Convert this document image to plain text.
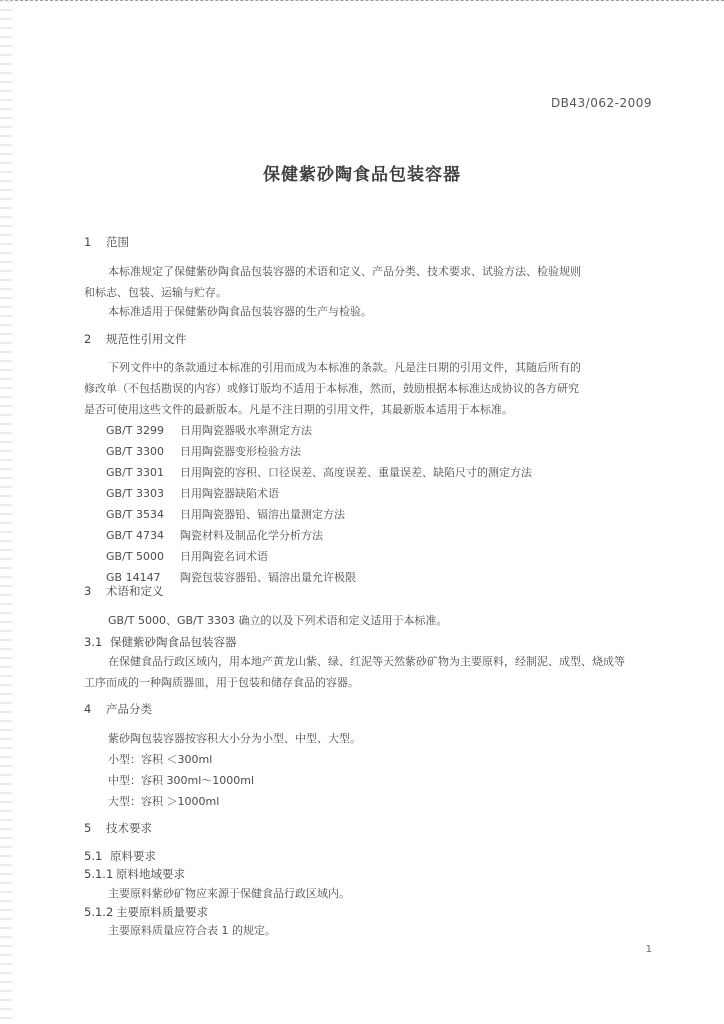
DB43/062-2009
保健紫砂陶食品包装容器
1 范围
本标准规定了保健紫砂陶食品包装容器的术语和定义、产品分类、技术要求、试验方法、检验规则
和标志、包装、运输与贮存。
本标准适用于保健紫砂陶食品包装容器的生产与检验。
2 规范性引用文件
下列文件中的条款通过本标准的引用而成为本标准的条款。凡是注日期的引用文件，其随后所有的
修改单（不包括勘误的内容）或修订版均不适用于本标准，然而，鼓励根据本标准达成协议的各方研究
是否可使用这些文件的最新版本。凡是不注日期的引用文件，其最新版本适用于本标准。
GB/T 3299 日用陶瓷器吸水率测定方法
GB/T 3300 日用陶瓷器变形检验方法
GB/T 3301 日用陶瓷的容积、口径误差、高度误差、重量误差、缺陷尺寸的测定方法
GB/T 3303 日用陶瓷器缺陷术语
GB/T 3534 日用陶瓷器铅、镉溶出量测定方法
GB/T 4734 陶瓷材料及制品化学分析方法
GB/T 5000 日用陶瓷名词术语
GB 14147 陶瓷包装容器铅、镉溶出量允许极限
3 术语和定义
GB/T 5000、GB/T 3303 确立的以及下列术语和定义适用于本标准。
3.1 保健紫砂陶食品包装容器
在保健食品行政区域内，用本地产黄龙山紫、绿、红泥等天然紫砂矿物为主要原料，经制泥、成型、烧成等
工序而成的一种陶质器皿，用于包装和储存食品的容器。
4 产品分类
紫砂陶包装容器按容积大小分为小型、中型、大型。
小型：容积 ＜300ml
中型：容积 300ml～1000ml
大型：容积 ＞1000ml
5 技术要求
5.1 原料要求
5.1.1 原料地域要求
主要原料紫砂矿物应来源于保健食品行政区域内。
5.1.2 主要原料质量要求
主要原料质量应符合表 1 的规定。
1
